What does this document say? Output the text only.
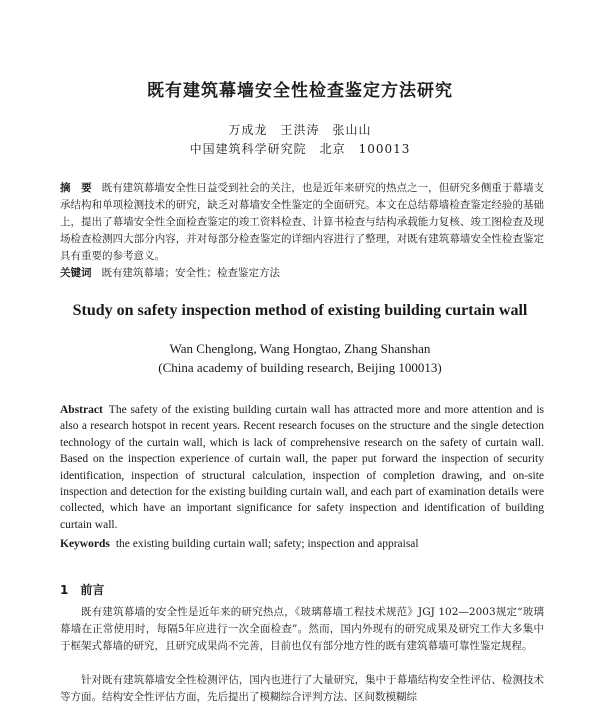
既有建筑幕墙安全性检查鉴定方法研究
万成龙　王洪涛　张山山
中国建筑科学研究院　北京　100013
摘　要 既有建筑幕墙安全性日益受到社会的关注，也是近年来研究的热点之一，但研究多侧重于幕墙支承结构和单项检测技术的研究，缺乏对幕墙安全性鉴定的全面研究。本文在总结幕墙检查鉴定经验的基础上，提出了幕墙安全性全面检查鉴定的竣工资料检查、计算书检查与结构承载能力复核、竣工图检查及现场检查检测四大部分内容，并对每部分检查鉴定的详细内容进行了整理，对既有建筑幕墙安全性检查鉴定具有重要的参考意义。
关键词 既有建筑幕墙；安全性；检查鉴定方法
Study on safety inspection method of existing building curtain wall
Wan Chenglong, Wang Hongtao, Zhang Shanshan
(China academy of building research, Beijing 100013)
Abstract The safety of the existing building curtain wall has attracted more and more attention and is also a research hotspot in recent years. Recent research focuses on the structure and the single detection technology of the curtain wall, which is lack of comprehensive research on the safety of curtain wall. Based on the inspection experience of curtain wall, the paper put forward the inspection of security identification, inspection of structural calculation, inspection of completion drawing, and on-site inspection and detection for the existing building curtain wall, and each part of examination details were collected, which have an important significance for safety inspection and identification of building curtain wall.
Keywords the existing building curtain wall; safety; inspection and appraisal
1 前言
既有建筑幕墙的安全性是近年来的研究热点，《玻璃幕墙工程技术规范》JGJ 102—2003规定“玻璃幕墙在正常使用时，每隔5年应进行一次全面检查”。然而，国内外现有的研究成果及研究工作大多集中于框架式幕墙的研究，且研究成果尚不完善，目前也仅有部分地方性的既有建筑幕墙可靠性鉴定规程。
针对既有建筑幕墙安全性检测评估，国内也进行了大量研究，集中于幕墙结构安全性评估、检测技术等方面。结构安全性评估方面，先后提出了模糊综合评判方法、区间数模糊综
